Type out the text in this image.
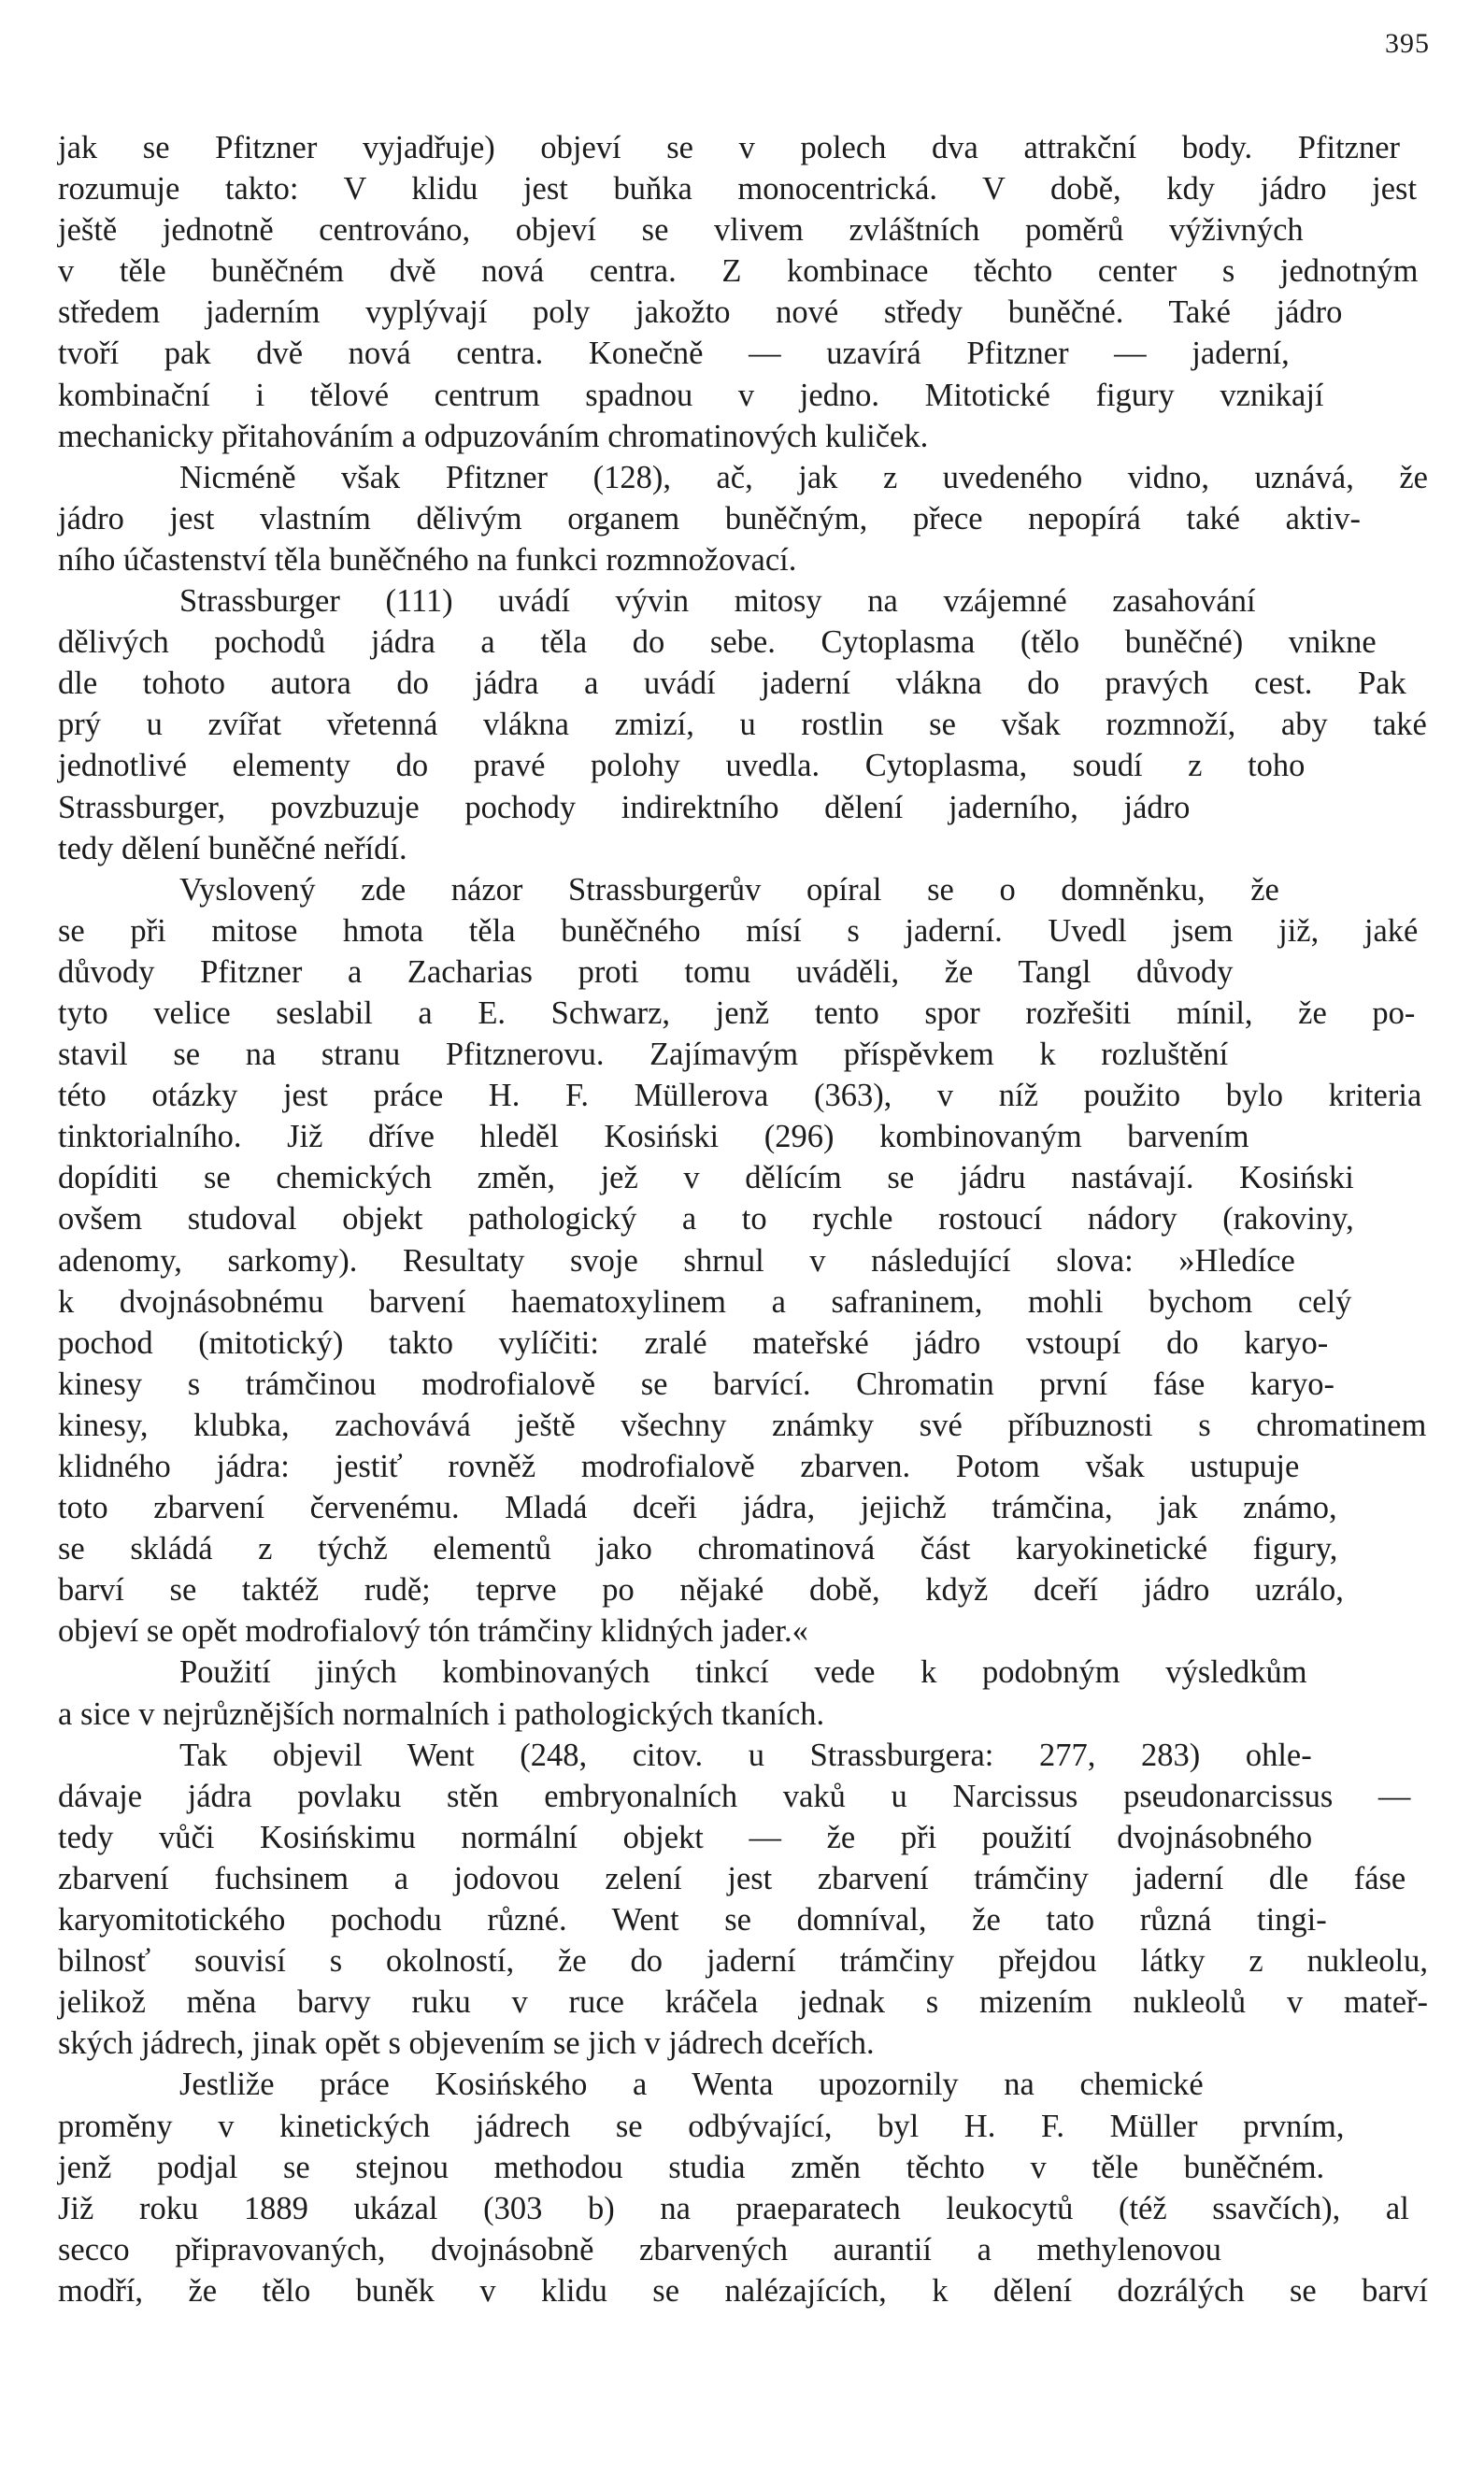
395
jak se Pfitzner vyjadřuje) objeví se v polech dva attrakční body. Pfitzner
rozumuje takto: V klidu jest buňka monocentrická. V době, kdy jádro jest
ještě jednotně centrováno, objeví se vlivem zvláštních poměrů výživných
v těle buněčném dvě nová centra. Z kombinace těchto center s jednotným
středem jaderním vyplývají poly jakožto nové středy buněčné. Také jádro
tvoří pak dvě nová centra. Konečně — uzavírá Pfitzner — jaderní,
kombinační i tělové centrum spadnou v jedno. Mitotické figury vznikají
mechanicky přitahováním a odpuzováním chromatinových kuliček.
Nicméně však Pfitzner (128), ač, jak z uvedeného vidno, uznává, že
jádro jest vlastním dělivým organem buněčným, přece nepopírá také aktiv-
ního účastenství těla buněčného na funkci rozmnožovací.
Strassburger (111) uvádí vývin mitosy na vzájemné zasahování
dělivých pochodů jádra a těla do sebe. Cytoplasma (tělo buněčné) vnikne
dle tohoto autora do jádra a uvádí jaderní vlákna do pravých cest. Pak
prý u zvířat vřetenná vlákna zmizí, u rostlin se však rozmnoží, aby také
jednotlivé elementy do pravé polohy uvedla. Cytoplasma, soudí z toho
Strassburger, povzbuzuje pochody indirektního dělení jaderního, jádro
tedy dělení buněčné neřídí.
Vyslovený zde názor Strassburgerův opíral se o domněnku, že
se při mitose hmota těla buněčného mísí s jaderní. Uvedl jsem již, jaké
důvody Pfitzner a Zacharias proti tomu uváděli, že Tangl důvody
tyto velice seslabil a E. Schwarz, jenž tento spor rozřešiti mínil, že po-
stavil se na stranu Pfitznerovu. Zajímavým příspěvkem k rozluštění
této otázky jest práce H. F. Müllerova (363), v níž použito bylo kriteria
tinktorialního. Již dříve hleděl Kosiński (296) kombinovaným barvením
dopíditi se chemických změn, jež v dělícím se jádru nastávají. Kosiński
ovšem studoval objekt pathologický a to rychle rostoucí nádory (rakoviny,
adenomy, sarkomy). Resultaty svoje shrnul v následující slova: »Hledíce
k dvojnásobnému barvení haematoxylinem a safraninem, mohli bychom celý
pochod (mitotický) takto vylíčiti: zralé mateřské jádro vstoupí do karyo-
kinesy s trámčinou modrofialově se barvící. Chromatin první fáse karyo-
kinesy, klubka, zachovává ještě všechny známky své příbuznosti s chromatinem
klidného jádra: jestiť rovněž modrofialově zbarven. Potom však ustupuje
toto zbarvení červenému. Mladá dceři jádra, jejichž trámčina, jak známo,
se skládá z týchž elementů jako chromatinová část karyokinetické figury,
barví se taktéž rudě; teprve po nějaké době, když dceří jádro uzrálo,
objeví se opět modrofialový tón trámčiny klidných jader.«
Použití jiných kombinovaných tinkcí vede k podobným výsledkům
a sice v nejrůznějších normalních i pathologických tkaních.
Tak objevil Went (248, citov. u Strassburgera: 277, 283) ohle-
dávaje jádra povlaku stěn embryonalních vaků u Narcissus pseudonarcissus —
tedy vůči Kosińskimu normální objekt — že při použití dvojnásobného
zbarvení fuchsinem a jodovou zelení jest zbarvení trámčiny jaderní dle fáse
karyomitotického pochodu různé. Went se domníval, že tato různá tingi-
bilnosť souvisí s okolností, že do jaderní trámčiny přejdou látky z nukleolu,
jelikož měna barvy ruku v ruce kráčela jednak s mizením nukleolů v mateř-
ských jádrech, jinak opět s objevením se jich v jádrech dceřích.
Jestliže práce Kosińského a Wenta upozornily na chemické
proměny v kinetických jádrech se odbývající, byl H. F. Müller prvním,
jenž podjal se stejnou methodou studia změn těchto v těle buněčném.
Již roku 1889 ukázal (303 b) na praeparatech leukocytů (též ssavčích), al
secco připravovaných, dvojnásobně zbarvených aurantií a methylenovou
modří, že tělo buněk v klidu se nalézajících, k dělení dozrálých se barví
